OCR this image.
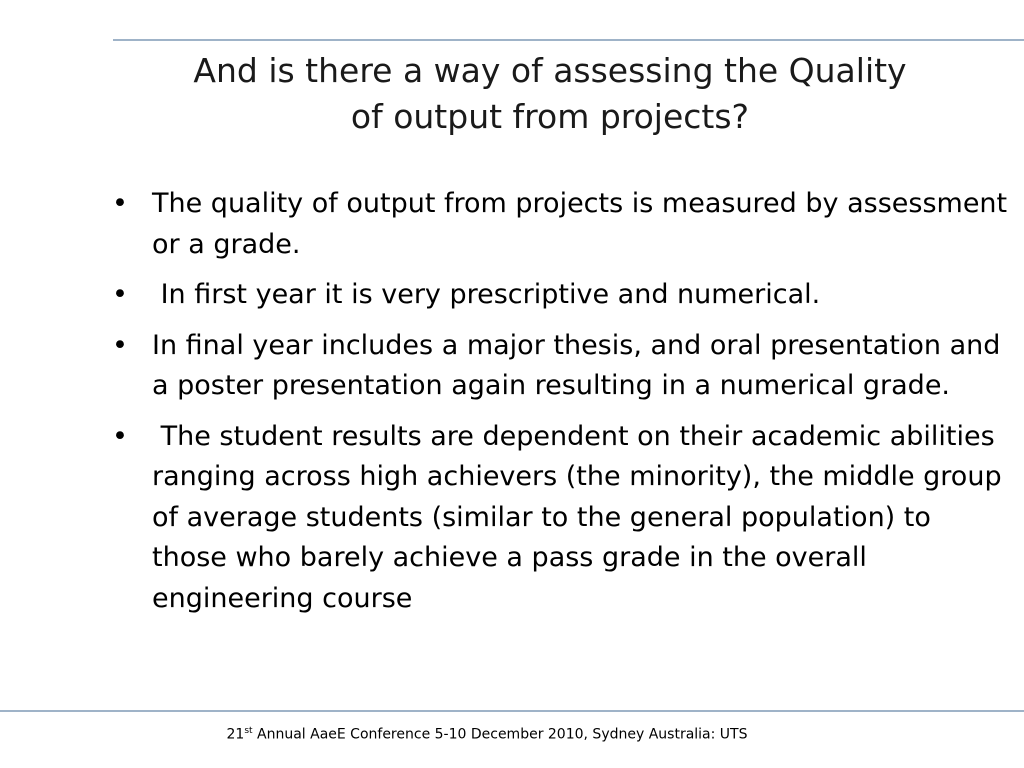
And is there a way of assessing the Quality
of output from projects?
• The quality of output from projects is measured by assessment or a grade.
• In first year it is very prescriptive and numerical.
• In final year includes a major thesis, and oral presentation and a poster presentation again resulting in a numerical grade.
• The student results are dependent on their academic abilities ranging across high achievers (the minority), the middle group of average students (similar to the general population) to those who barely achieve a pass grade in the overall engineering course
21st Annual AaeE Conference 5-10 December 2010, Sydney Australia: UTS
